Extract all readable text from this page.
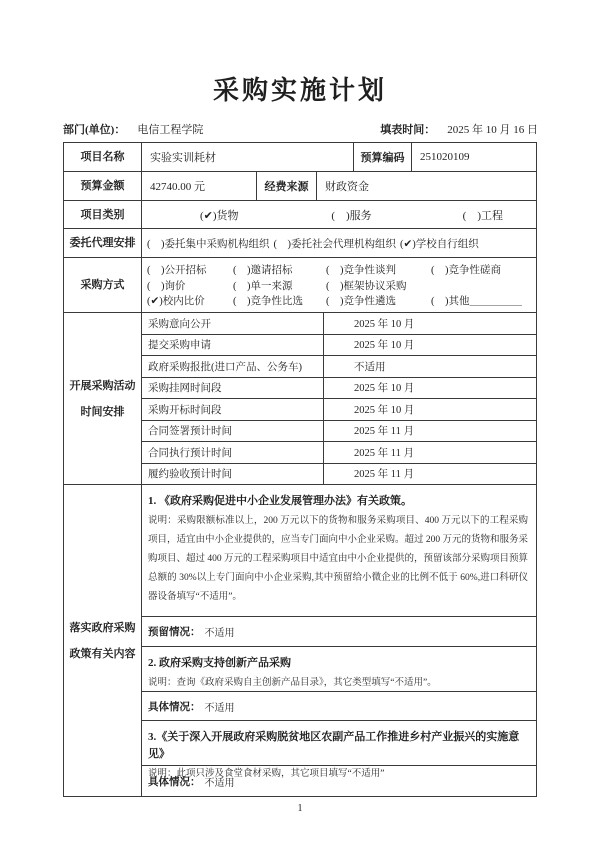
采购实施计划
部门(单位)： 电信工程学院	填表时间： 2025 年 10 月 16 日
项目名称	实验实训耗材	预算编码	251020109
预算金额	42740.00 元	经费来源	财政资金
项目类别	(✔)货物	(　)服务	(　)工程
委托代理安排	(　)委托集中采购机构组织 (　)委托社会代理机构组织 (✔)学校自行组织
采购方式
(　)公开招标	(　)邀请招标	(　)竞争性谈判	(　)竞争性磋商
(　)询价	(　)单一来源	(　)框架协议采购
(✔)校内比价	(　)竞争性比选	(　)竞争性遴选	(　)其他＿＿＿＿＿
开展采购活动
时间安排
采购意向公开	2025 年 10 月
提交采购申请	2025 年 10 月
政府采购报批(进口产品、公务车)	不适用
采购挂网时间段	2025 年 10 月
采购开标时间段	2025 年 10 月
合同签署预计时间	2025 年 11 月
合同执行预计时间	2025 年 11 月
履约验收预计时间	2025 年 11 月
落实政府采购
政策有关内容
1. 《政府采购促进中小企业发展管理办法》有关政策。
说明：采购限额标准以上，200 万元以下的货物和服务采购项目、400 万元以下的工程采购项目，适宜由中小企业提供的，应当专门面向中小企业采购。超过 200 万元的货物和服务采购项目、超过 400 万元的工程采购项目中适宜由中小企业提供的，预留该部分采购项目预算总额的 30%以上专门面向中小企业采购,其中预留给小微企业的比例不低于 60%,进口科研仪器设备填写“不适用”。
预留情况： 不适用
2. 政府采购支持创新产品采购
说明：查询《政府采购自主创新产品目录》，其它类型填写“不适用”。
具体情况： 不适用
3.《关于深入开展政府采购脱贫地区农副产品工作推进乡村产业振兴的实施意见》
说明：此项只涉及食堂食材采购，其它项目填写“不适用”
具体情况： 不适用
1
